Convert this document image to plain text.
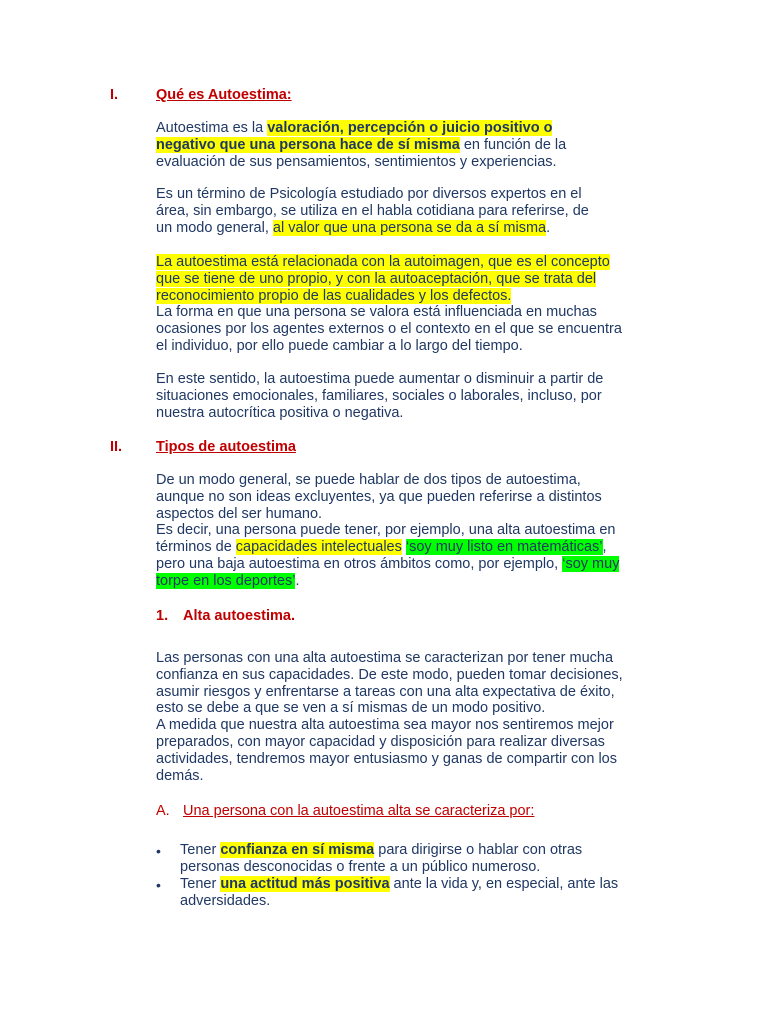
I.	Qué es Autoestima:
Autoestima es la valoración, percepción o juicio positivo o
negativo que una persona hace de sí misma en función de la
evaluación de sus pensamientos, sentimientos y experiencias.
Es un término de Psicología estudiado por diversos expertos en el
área, sin embargo, se utiliza en el habla cotidiana para referirse, de
un modo general, al valor que una persona se da a sí misma.
La autoestima está relacionada con la autoimagen, que es el concepto
que se tiene de uno propio, y con la autoaceptación, que se trata del
reconocimiento propio de las cualidades y los defectos.
La forma en que una persona se valora está influenciada en muchas
ocasiones por los agentes externos o el contexto en el que se encuentra
el individuo, por ello puede cambiar a lo largo del tiempo.
En este sentido, la autoestima puede aumentar o disminuir a partir de
situaciones emocionales, familiares, sociales o laborales, incluso, por
nuestra autocrítica positiva o negativa.
II. Tipos de autoestima
De un modo general, se puede hablar de dos tipos de autoestima,
aunque no son ideas excluyentes, ya que pueden referirse a distintos
aspectos del ser humano.
Es decir, una persona puede tener, por ejemplo, una alta autoestima en
términos de capacidades intelectuales ‘soy muy listo en matemáticas’,
pero una baja autoestima en otros ámbitos como, por ejemplo, ‘soy muy
torpe en los deportes’.
1. Alta autoestima.
Las personas con una alta autoestima se caracterizan por tener mucha
confianza en sus capacidades. De este modo, pueden tomar decisiones,
asumir riesgos y enfrentarse a tareas con una alta expectativa de éxito,
esto se debe a que se ven a sí mismas de un modo positivo.
A medida que nuestra alta autoestima sea mayor nos sentiremos mejor
preparados, con mayor capacidad y disposición para realizar diversas
actividades, tendremos mayor entusiasmo y ganas de compartir con los
demás.
A. Una persona con la autoestima alta se caracteriza por:
• Tener confianza en sí misma para dirigirse o hablar con otras
personas desconocidas o frente a un público numeroso.
• Tener una actitud más positiva ante la vida y, en especial, ante las
adversidades.
